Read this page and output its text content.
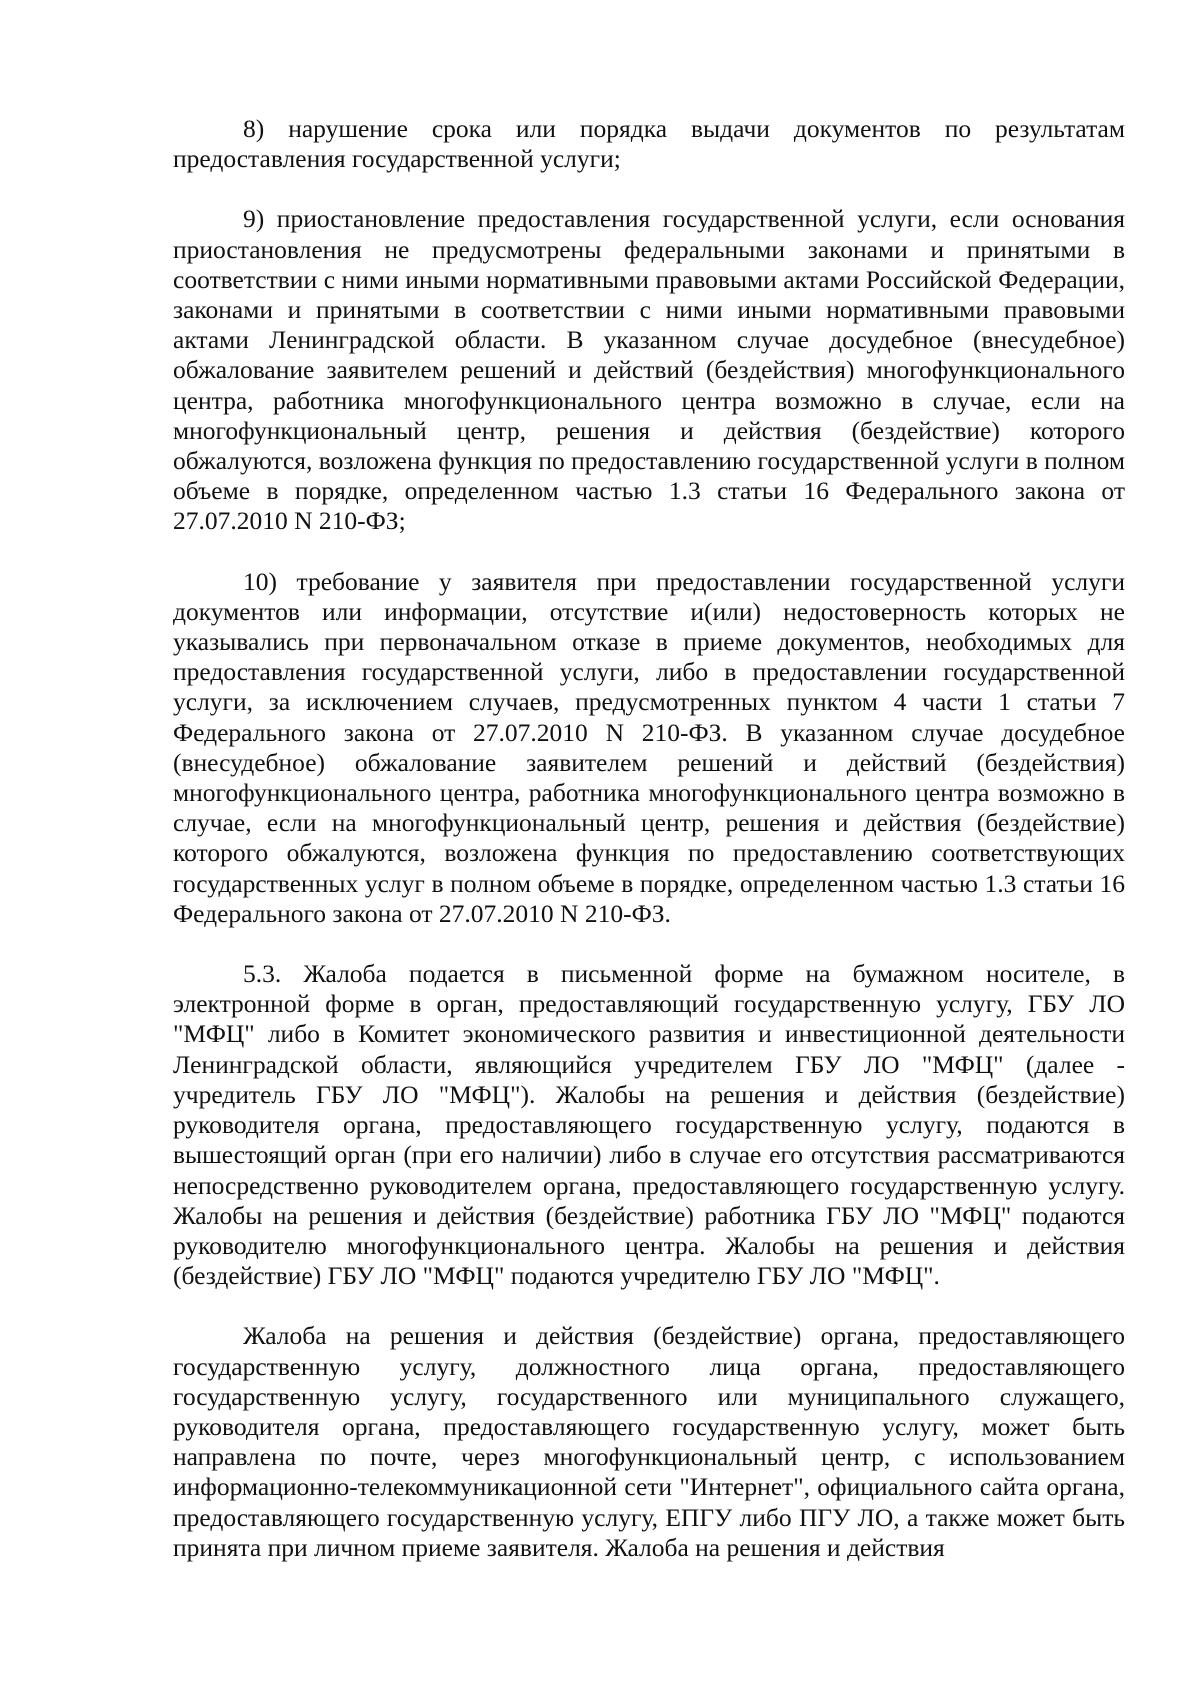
8) нарушение срока или порядка выдачи документов по результатам предоставления государственной услуги;

9) приостановление предоставления государственной услуги, если основания приостановления не предусмотрены федеральными законами и принятыми в соответствии с ними иными нормативными правовыми актами Российской Федерации, законами и принятыми в соответствии с ними иными нормативными правовыми актами Ленинградской области. В указанном случае досудебное (внесудебное) обжалование заявителем решений и действий (бездействия) многофункционального центра, работника многофункционального центра возможно в случае, если на многофункциональный центр, решения и действия (бездействие) которого обжалуются, возложена функция по предоставлению государственной услуги в полном объеме в порядке, определенном частью 1.3 статьи 16 Федерального закона от 27.07.2010 N 210-ФЗ;

10) требование у заявителя при предоставлении государственной услуги документов или информации, отсутствие и(или) недостоверность которых не указывались при первоначальном отказе в приеме документов, необходимых для предоставления государственной услуги, либо в предоставлении государственной услуги, за исключением случаев, предусмотренных пунктом 4 части 1 статьи 7 Федерального закона от 27.07.2010 N 210-ФЗ. В указанном случае досудебное (внесудебное) обжалование заявителем решений и действий (бездействия) многофункционального центра, работника многофункционального центра возможно в случае, если на многофункциональный центр, решения и действия (бездействие) которого обжалуются, возложена функция по предоставлению соответствующих государственных услуг в полном объеме в порядке, определенном частью 1.3 статьи 16 Федерального закона от 27.07.2010 N 210-ФЗ.

5.3. Жалоба подается в письменной форме на бумажном носителе, в электронной форме в орган, предоставляющий государственную услугу, ГБУ ЛО "МФЦ" либо в Комитет экономического развития и инвестиционной деятельности Ленинградской области, являющийся учредителем ГБУ ЛО "МФЦ" (далее - учредитель ГБУ ЛО "МФЦ"). Жалобы на решения и действия (бездействие) руководителя органа, предоставляющего государственную услугу, подаются в вышестоящий орган (при его наличии) либо в случае его отсутствия рассматриваются непосредственно руководителем органа, предоставляющего государственную услугу. Жалобы на решения и действия (бездействие) работника ГБУ ЛО "МФЦ" подаются руководителю многофункционального центра. Жалобы на решения и действия (бездействие) ГБУ ЛО "МФЦ" подаются учредителю ГБУ ЛО "МФЦ".

Жалоба на решения и действия (бездействие) органа, предоставляющего государственную услугу, должностного лица органа, предоставляющего государственную услугу, государственного или муниципального служащего, руководителя органа, предоставляющего государственную услугу, может быть направлена по почте, через многофункциональный центр, с использованием информационно-телекоммуникационной сети "Интернет", официального сайта органа, предоставляющего государственную услугу, ЕПГУ либо ПГУ ЛО, а также может быть принята при личном приеме заявителя. Жалоба на решения и действия
